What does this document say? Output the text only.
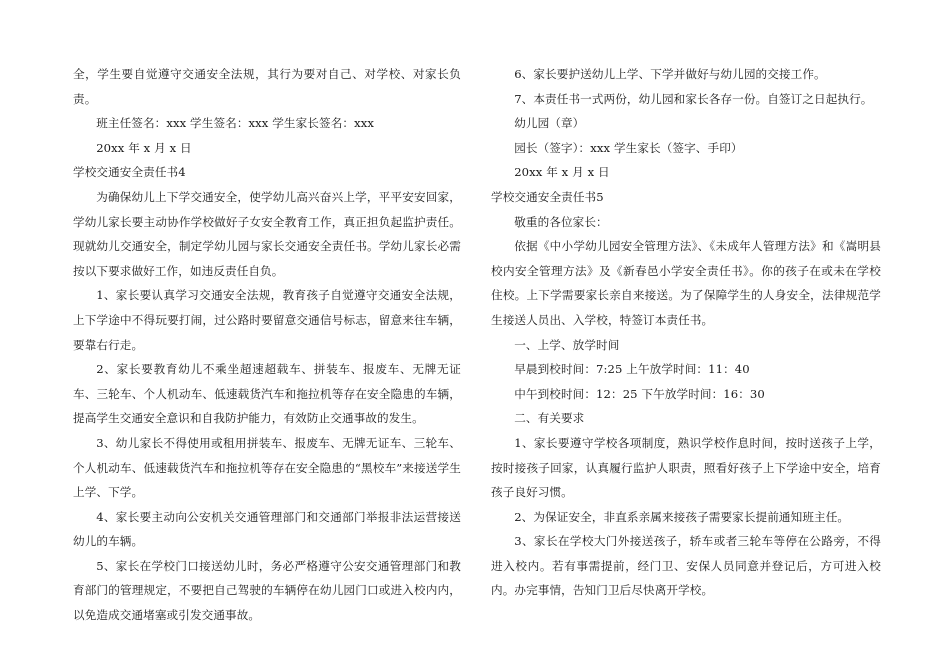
全，学生要自觉遵守交通安全法规，其行为要对自己、对学校、对家长负责。

班主任签名：xxx 学生签名：xxx 学生家长签名：xxx

20xx 年 x 月 x 日

学校交通安全责任书4

为确保幼儿上下学交通安全，使学幼儿高兴奋兴上学，平平安安回家，学幼儿家长要主动协作学校做好子女安全教育工作，真正担负起监护责任。现就幼儿交通安全，制定学幼儿园与家长交通安全责任书。学幼儿家长必需按以下要求做好工作，如违反责任自负。

1、家长要认真学习交通安全法规，教育孩子自觉遵守交通安全法规，上下学途中不得玩要打闹，过公路时要留意交通信号标志，留意来往车辆，要靠右行走。

2、家长要教育幼儿不乘坐超速超载车、拼装车、报废车、无牌无证车、三轮车、个人机动车、低速载货汽车和拖拉机等存在安全隐患的车辆，提高学生交通安全意识和自我防护能力，有效防止交通事故的发生。

3、幼儿家长不得使用或租用拼装车、报废车、无牌无证车、三轮车、个人机动车、低速载货汽车和拖拉机等存在安全隐患的“黑校车”来接送学生上学、下学。

4、家长要主动向公安机关交通管理部门和交通部门举报非法运营接送幼儿的车辆。

5、家长在学校门口接送幼儿时，务必严格遵守公安交通管理部门和教育部门的管理规定，不要把自己驾驶的车辆停在幼儿园门口或进入校内内，以免造成交通堵塞或引发交通事故。

6、家长要护送幼儿上学、下学并做好与幼儿园的交接工作。

7、本责任书一式两份，幼儿园和家长各存一份。自签订之日起执行。

幼儿园（章）

园长（签字）：xxx 学生家长（签字、手印）

20xx 年 x 月 x 日

学校交通安全责任书5

敬重的各位家长：

依据《中小学幼儿园安全管理方法》、《未成年人管理方法》和《嵩明县校内安全管理方法》及《新春邑小学安全责任书》。你的孩子在或未在学校住校。上下学需要家长亲自来接送。为了保障学生的人身安全，法律规范学生接送人员出、入学校，特签订本责任书。

一、上学、放学时间

早晨到校时间：7:25 上午放学时间：11：40

中午到校时间：12：25 下午放学时间：16：30

二、有关要求

1、家长要遵守学校各项制度，熟识学校作息时间，按时送孩子上学，按时接孩子回家，认真履行监护人职责，照看好孩子上下学途中安全，培育孩子良好习惯。

2、为保证安全，非直系亲属来接孩子需要家长提前通知班主任。

3、家长在学校大门外接送孩子，轿车或者三轮车等停在公路旁，不得进入校内。若有事需提前，经门卫、安保人员同意并登记后，方可进入校内。办完事情，告知门卫后尽快离开学校。
